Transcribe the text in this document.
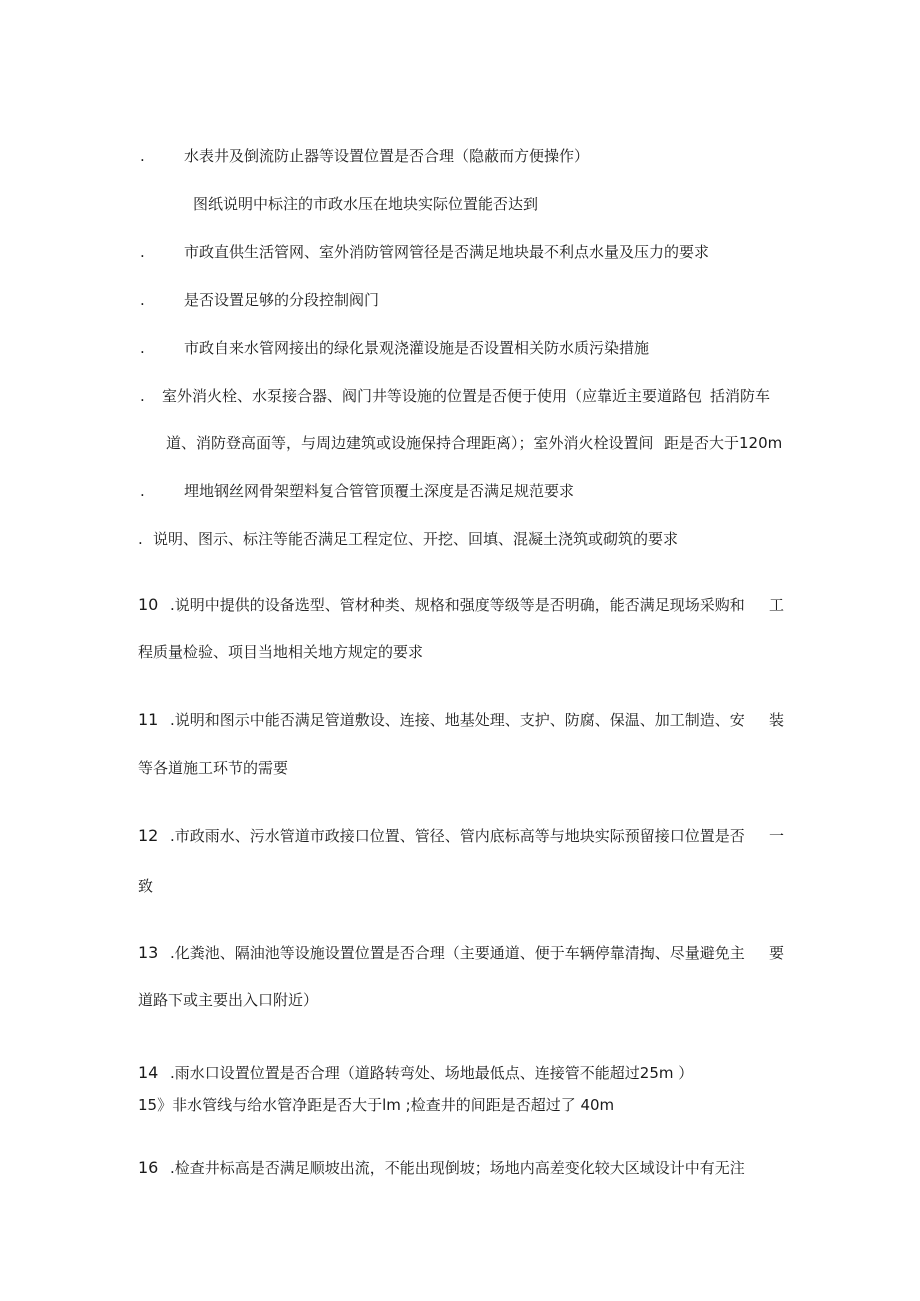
.	水表井及倒流防止器等设置位置是否合理（隐蔽而方便操作）
图纸说明中标注的市政水压在地块实际位置能否达到
.	市政直供生活管网、室外消防管网管径是否满足地块最不利点水量及压力的要求
.	是否设置足够的分段控制阀门
.	市政自来水管网接出的绿化景观浇灌设施是否设置相关防水质污染措施
. 室外消火栓、水泵接合器、阀门井等设施的位置是否便于使用（应靠近主要道路包 括消防车
道、消防登高面等，与周边建筑或设施保持合理距离）；室外消火栓设置间 距是否大于120m
.	埋地钢丝网骨架塑料复合管管顶覆土深度是否满足规范要求
. 说明、图示、标注等能否满足工程定位、开挖、回填、混凝土浇筑或砌筑的要求
10 .说明中提供的设备选型、管材种类、规格和强度等级等是否明确，能否满足现场采购和 工
程质量检验、项目当地相关地方规定的要求
11 .说明和图示中能否满足管道敷设、连接、地基处理、支护、防腐、保温、加工制造、安 装
等各道施工环节的需要
12 .市政雨水、污水管道市政接口位置、管径、管内底标高等与地块实际预留接口位置是否 一
致
13 .化粪池、隔油池等设施设置位置是否合理（主要通道、便于车辆停靠清掏、尽量避免主 要
道路下或主要出入口附近）
14 .雨水口设置位置是否合理（道路转弯处、场地最低点、连接管不能超过25m ）
15》非水管线与给水管净距是否大于lm ;检查井的间距是否超过了 40m
16 .检查井标高是否满足顺坡出流，不能出现倒坡；场地内高差变化较大区域设计中有无注
